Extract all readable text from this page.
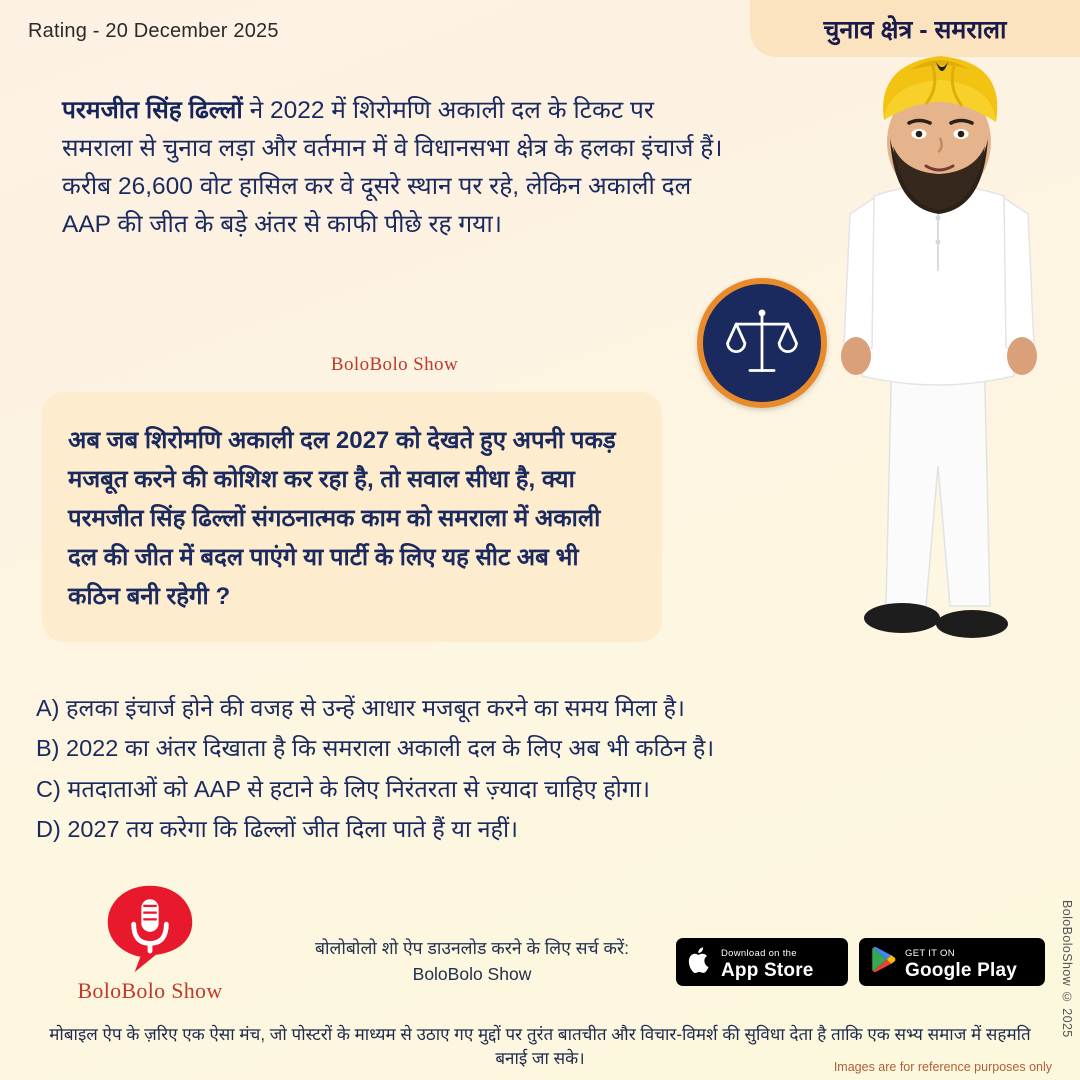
Rating - 20 December 2025	चुनाव क्षेत्र - समराला
परमजीत सिंह ढिल्लों ने 2022 में शिरोमणि अकाली दल के टिकट पर समराला से चुनाव लड़ा और वर्तमान में वे विधानसभा क्षेत्र के हलका इंचार्ज हैं। करीब 26,600 वोट हासिल कर वे दूसरे स्थान पर रहे, लेकिन अकाली दल AAP की जीत के बड़े अंतर से काफी पीछे रह गया।
BoloBolo Show
अब जब शिरोमणि अकाली दल 2027 को देखते हुए अपनी पकड़ मजबूत करने की कोशिश कर रहा है, तो सवाल सीधा है, क्या परमजीत सिंह ढिल्लों संगठनात्मक काम को समराला में अकाली दल की जीत में बदल पाएंगे या पार्टी के लिए यह सीट अब भी कठिन बनी रहेगी ?
A) हलका इंचार्ज होने की वजह से उन्हें आधार मजबूत करने का समय मिला है।
B) 2022 का अंतर दिखाता है कि समराला अकाली दल के लिए अब भी कठिन है।
C) मतदाताओं को AAP से हटाने के लिए निरंतरता से ज़्यादा चाहिए होगा।
D) 2027 तय करेगा कि ढिल्लों जीत दिला पाते हैं या नहीं।
BoloBolo Show
बोलोबोलो शो ऐप डाउनलोड करने के लिए सर्च करें:
BoloBolo Show
Download on the
App Store
GET IT ON
Google Play	BoloBoloShow © 2025
मोबाइल ऐप के ज़रिए एक ऐसा मंच, जो पोस्टरों के माध्यम से उठाए गए मुद्दों पर तुरंत बातचीत और विचार-विमर्श की सुविधा देता है ताकि एक सभ्य समाज में सहमति बनाई जा सके।	Images are for reference purposes only
